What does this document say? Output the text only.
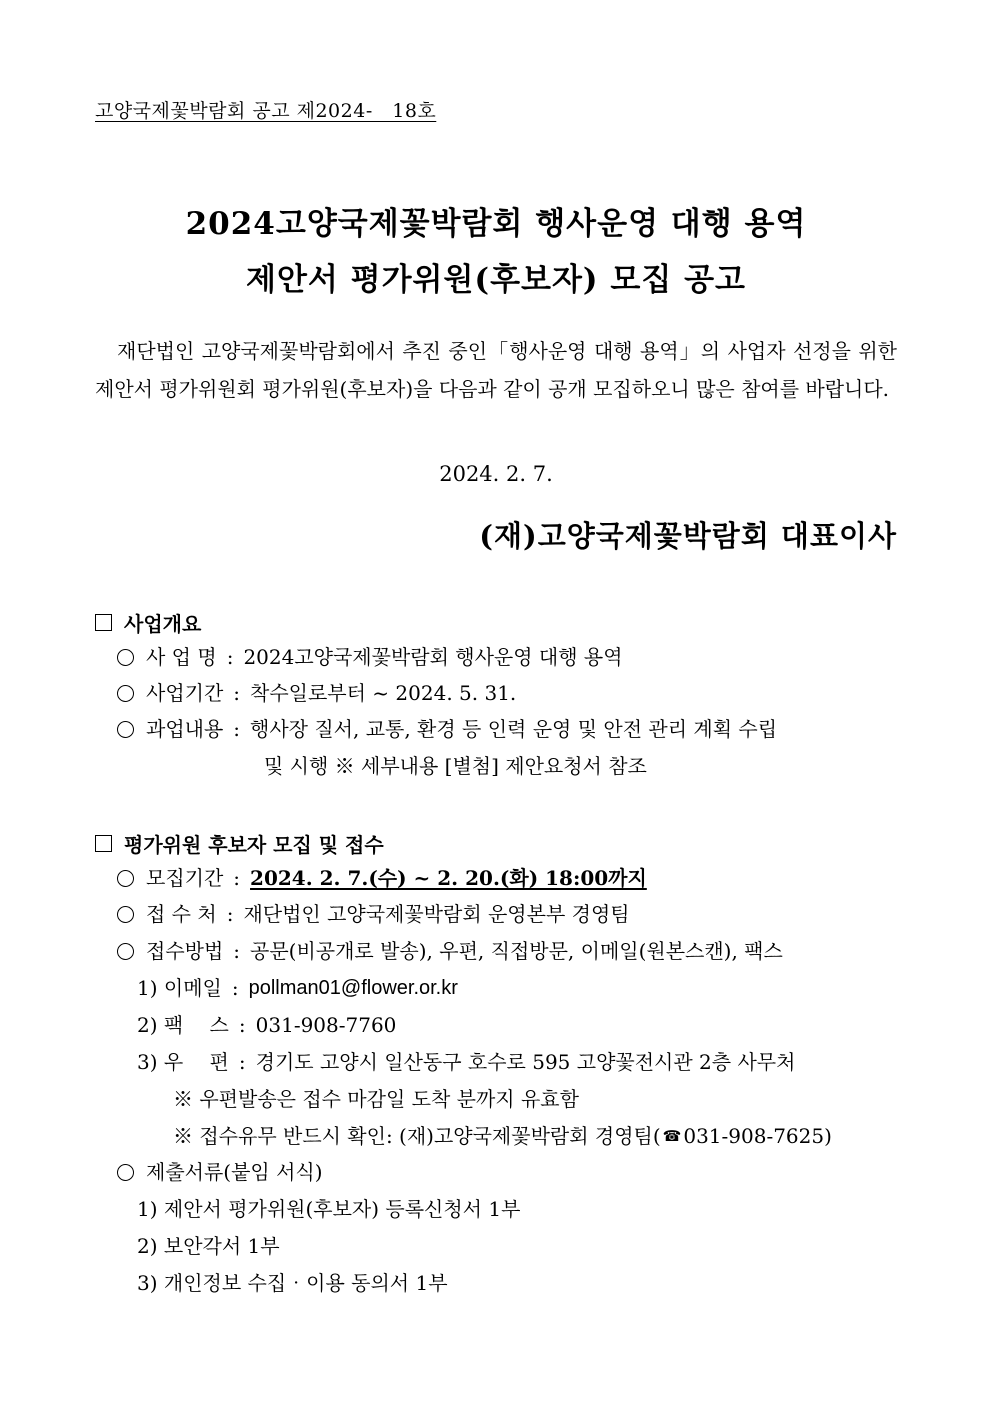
고양국제꽃박람회 공고 제2024-　18호
2024고양국제꽃박람회 행사운영 대행 용역
제안서 평가위원(후보자) 모집 공고

재단법인 고양국제꽃박람회에서 추진 중인「행사운영 대행 용역」의 사업자 선정을 위한 제안서 평가위원회 평가위원(후보자)을 다음과 같이 공개 모집하오니 많은 참여를 바랍니다.

2024. 2. 7.
(재)고양국제꽃박람회 대표이사
사업개요
사 업 명 : 2024고양국제꽃박람회 행사운영 대행 용역
사업기간 : 착수일로부터 ~ 2024. 5. 31.
과업내용 : 행사장 질서, 교통, 환경 등 인력 운영 및 안전 관리 계획 수립
및 시행 ※ 세부내용 [별첨] 제안요청서 참조
평가위원 후보자 모집 및 접수
모집기간 : 2024. 2. 7.(수) ~ 2. 20.(화) 18:00까지
접 수 처 : 재단법인 고양국제꽃박람회 운영본부 경영팀
접수방법 : 공문(비공개로 발송), 우편, 직접방문, 이메일(원본스캔), 팩스
1) 이메일 : pollman01@flower.or.kr
2) 팩　 스 : 031-908-7760
3) 우　 편 : 경기도 고양시 일산동구 호수로 595 고양꽃전시관 2층 사무처
※ 우편발송은 접수 마감일 도착 분까지 유효함
※ 접수유무 반드시 확인: (재)고양국제꽃박람회 경영팀( ☎ 031-908-7625)
제출서류(붙임 서식)
1) 제안서 평가위원(후보자) 등록신청서 1부
2) 보안각서 1부
3) 개인정보 수집‧이용 동의서 1부
